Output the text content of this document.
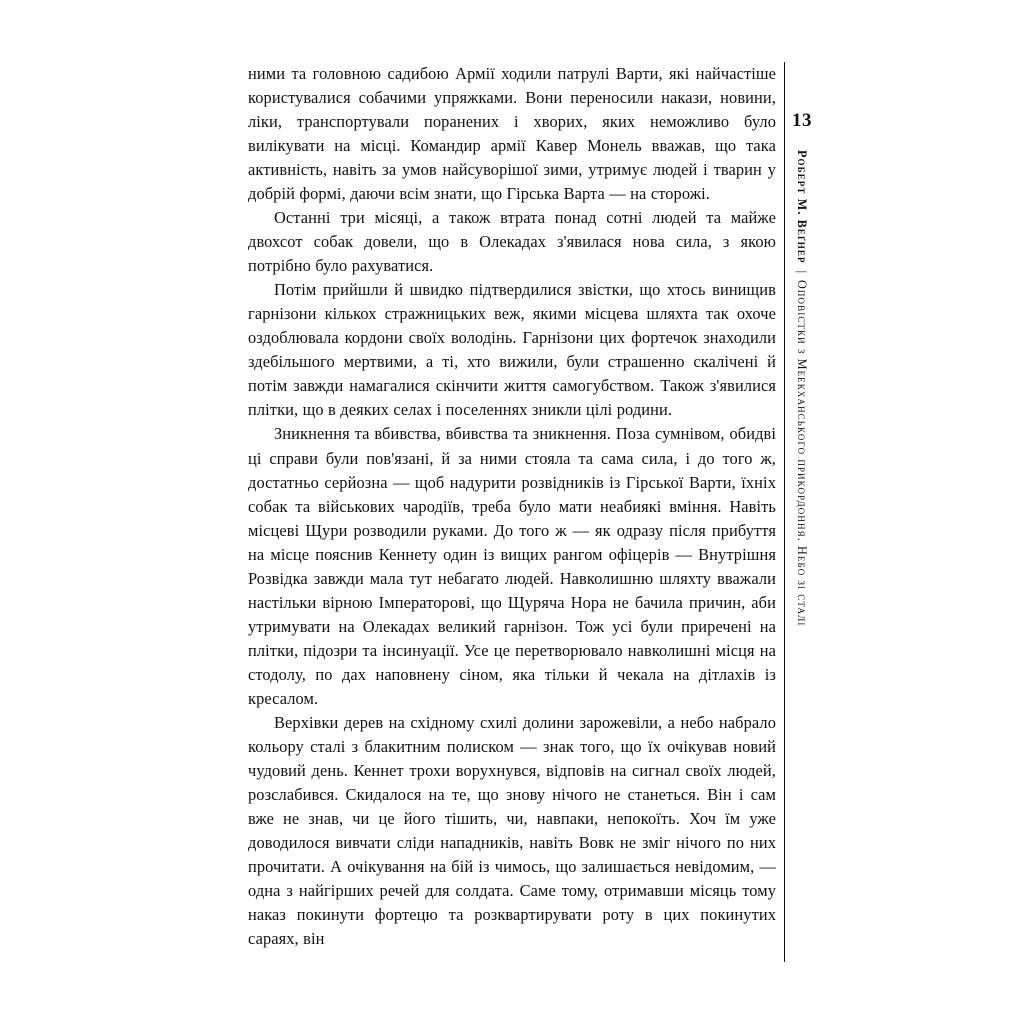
ними та головною садибою Армії ходили патрулі Варти, які найчастіше користувалися собачими упряжками. Вони переносили накази, новини, ліки, транспортували поранених і хворих, яких неможливо було вилікувати на місці. Командир армії Кавер Монель вважав, що така активність, навіть за умов найсуворішої зими, утримує людей і тварин у добрій формі, даючи всім знати, що Гірська Варта — на сторожі.

Останні три місяці, а також втрата понад сотні людей та майже двохсот собак довели, що в Олекадах з'явилася нова сила, з якою потрібно було рахуватися.

Потім прийшли й швидко підтвердилися звістки, що хтось винищив гарнізони кількох стражницьких веж, якими місцева шляхта так охоче оздоблювала кордони своїх володінь. Гарнізони цих фортечок знаходили здебільшого мертвими, а ті, хто вижили, були страшенно скалічені й потім завжди намагалися скінчити життя самогубством. Також з'явилися плітки, що в деяких селах і поселеннях зникли цілі родини.

Зникнення та вбивства, вбивства та зникнення. Поза сумнівом, обидві ці справи були пов'язані, й за ними стояла та сама сила, і до того ж, достатньо серйозна — щоб надурити розвідників із Гірської Варти, їхніх собак та військових чародіїв, треба було мати неабиякі вміння. Навіть місцеві Щури розводили руками. До того ж — як одразу після прибуття на місце пояснив Кеннету один із вищих рангом офіцерів — Внутрішня Розвідка завжди мала тут небагато людей. Навколишню шляхту вважали настільки вірною Імператорові, що Щуряча Нора не бачила причин, аби утримувати на Олекадах великий гарнізон. Тож усі були приречені на плітки, підозри та інсинуації. Усе це перетворювало навколишні місця на стодолу, по дах наповнену сіном, яка тільки й чекала на дітлахів із кресалом.

Верхівки дерев на східному схилі долини зарожевіли, а небо набрало кольору сталі з блакитним полиском — знак того, що їх очікував новий чудовий день. Кеннет трохи ворухнувся, відповів на сигнал своїх людей, розслабився. Скидалося на те, що знову нічого не станеться. Він і сам вже не знав, чи це його тішить, чи, навпаки, непокоїть. Хоч їм уже доводилося вивчати сліди нападників, навіть Вовк не зміг нічого по них прочитати. А очікування на бій із чимось, що залишається невідомим, — одна з найгірших речей для солдата. Саме тому, отримавши місяць тому наказ покинути фортецю та розквартирувати роту в цих покинутих сараях, він

13
Роберт М. Веґнер|Оповістки з Меекханського прикордоння. Небо зі сталі
